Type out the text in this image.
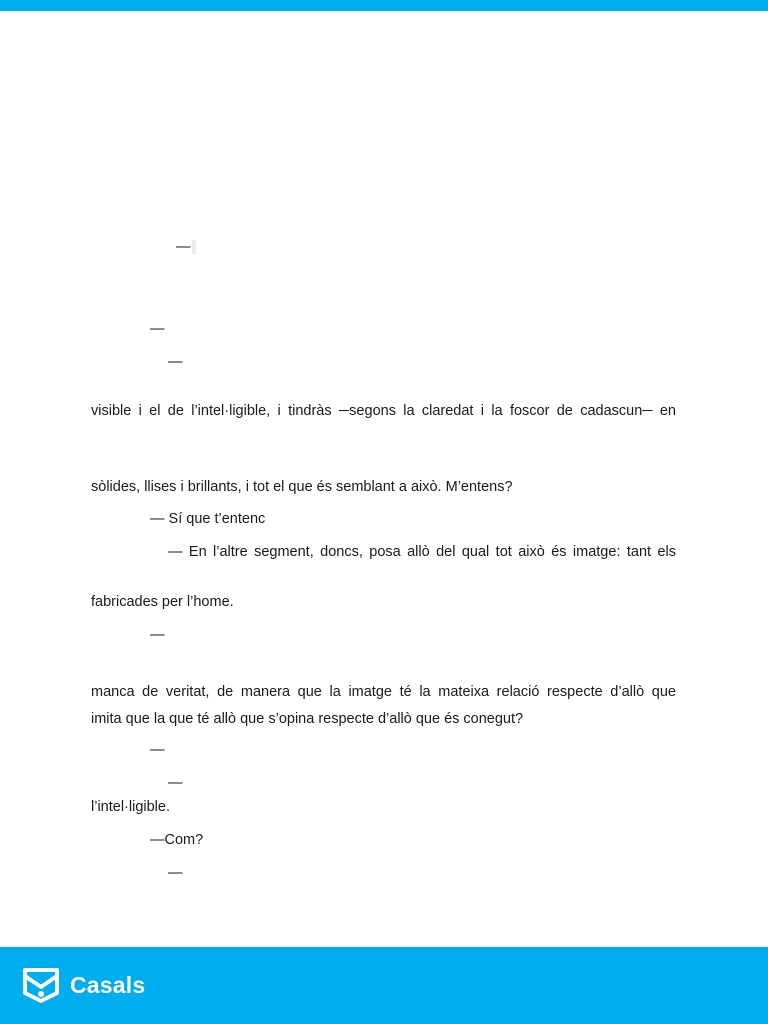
—
—
—
visible i el de l’intel·ligible, i tindràs ─segons la claredat i la foscor de cadascun─ en
sòlides, llises i brillants, i tot el que és semblant a això. M’entens?
— Sí que t’entenc
— En l’altre segment, doncs, posa allò del qual tot això és imatge: tant els
fabricades per l’home.
—
manca de veritat, de manera que la imatge té la mateixa relació respecte d’allò que
imita que la que té allò que s’opina respecte d’allò que és conegut?
—
—
l’intel·ligible.
—Com?
—
Casals
